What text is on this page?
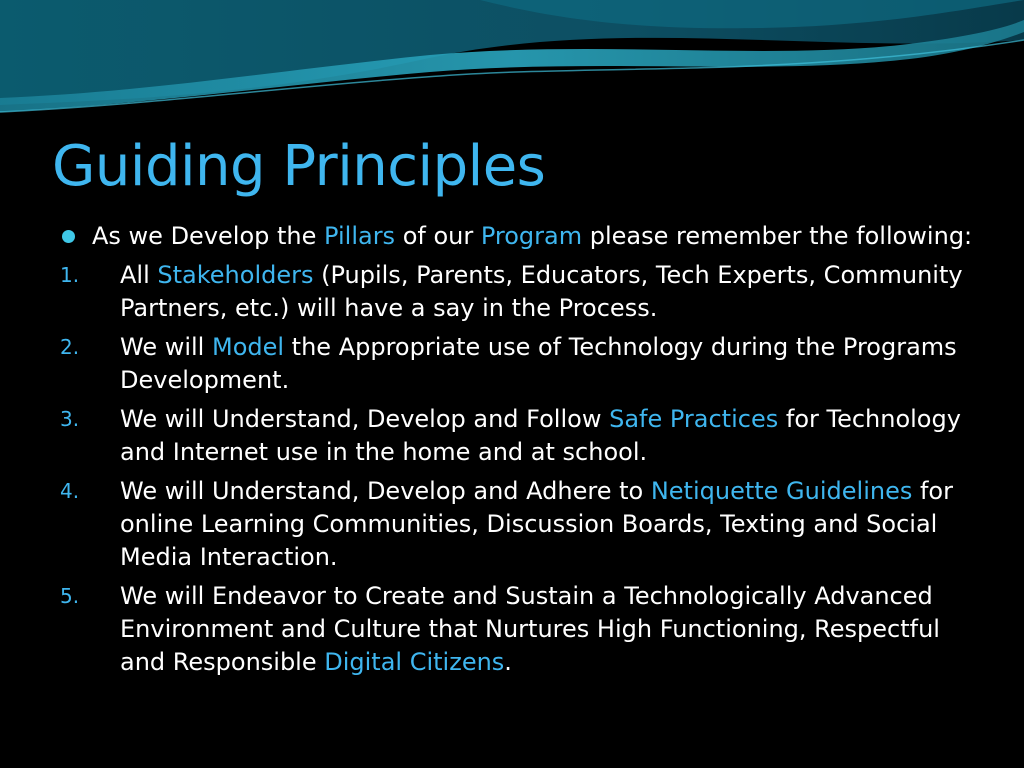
Guiding Principles
As we Develop the Pillars of our Program please remember the following:
1. All Stakeholders (Pupils, Parents, Educators, Tech Experts, Community Partners, etc.) will have a say in the Process.
2. We will Model the Appropriate use of Technology during the Programs Development.
3. We will Understand, Develop and Follow Safe Practices for Technology and Internet use in the home and at school.
4. We will Understand, Develop and Adhere to Netiquette Guidelines for online Learning Communities, Discussion Boards, Texting and Social Media Interaction.
5. We will Endeavor to Create and Sustain a Technologically Advanced Environment and Culture that Nurtures High Functioning, Respectful and Responsible Digital Citizens.
